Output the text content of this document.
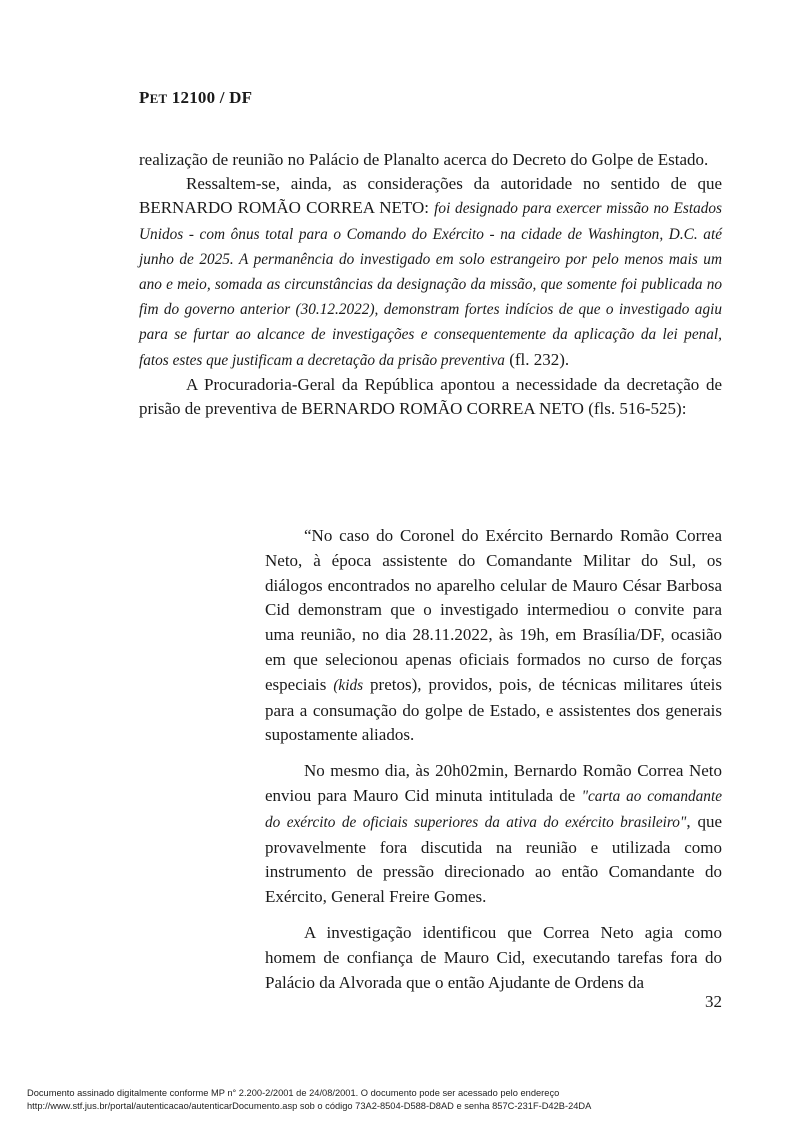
PET 12100 / DF

realização de reunião no Palácio de Planalto acerca do Decreto do Golpe de Estado.

Ressaltem-se, ainda, as considerações da autoridade no sentido de que BERNARDO ROMÃO CORREA NETO: foi designado para exercer missão no Estados Unidos - com ônus total para o Comando do Exército - na cidade de Washington, D.C. até junho de 2025. A permanência do investigado em solo estrangeiro por pelo menos mais um ano e meio, somada as circunstâncias da designação da missão, que somente foi publicada no fim do governo anterior (30.12.2022), demonstram fortes indícios de que o investigado agiu para se furtar ao alcance de investigações e consequentemente da aplicação da lei penal, fatos estes que justificam a decretação da prisão preventiva (fl. 232).

A Procuradoria-Geral da República apontou a necessidade da decretação de prisão de preventiva de BERNARDO ROMÃO CORREA NETO (fls. 516-525):

“No caso do Coronel do Exército Bernardo Romão Correa Neto, à época assistente do Comandante Militar do Sul, os diálogos encontrados no aparelho celular de Mauro César Barbosa Cid demonstram que o investigado intermediou o convite para uma reunião, no dia 28.11.2022, às 19h, em Brasília/DF, ocasião em que selecionou apenas oficiais formados no curso de forças especiais (kids pretos), providos, pois, de técnicas militares úteis para a consumação do golpe de Estado, e assistentes dos generais supostamente aliados.

No mesmo dia, às 20h02min, Bernardo Romão Correa Neto enviou para Mauro Cid minuta intitulada de "carta ao comandante do exército de oficiais superiores da ativa do exército brasileiro", que provavelmente fora discutida na reunião e utilizada como instrumento de pressão direcionado ao então Comandante do Exército, General Freire Gomes.

A investigação identificou que Correa Neto agia como homem de confiança de Mauro Cid, executando tarefas fora do Palácio da Alvorada que o então Ajudante de Ordens da

32
Documento assinado digitalmente conforme MP n° 2.200-2/2001 de 24/08/2001. O documento pode ser acessado pelo endereço
http://www.stf.jus.br/portal/autenticacao/autenticarDocumento.asp sob o código 73A2-8504-D588-D8AD e senha 857C-231F-D42B-24DA
